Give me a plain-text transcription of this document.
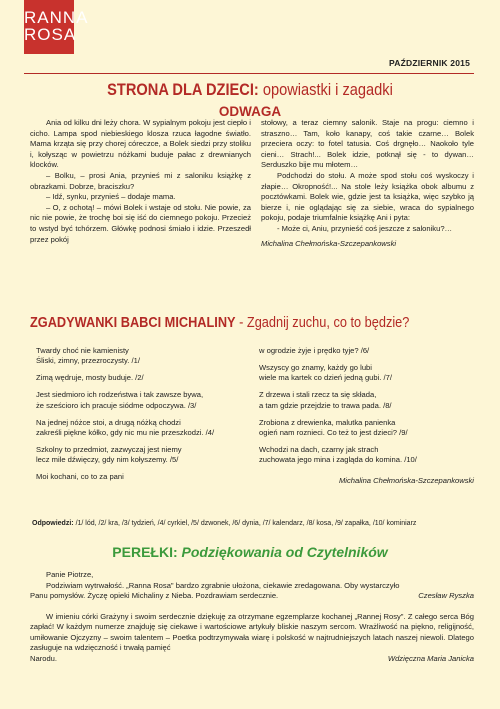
RANNA
ROSA
PAŹDZIERNIK 2015
STRONA DLA DZIECI: opowiastki i zagadki
ODWAGA

Ania od kilku dni leży chora. W sypialnym pokoju jest ciepło i cicho. Lampa spod niebieskiego klosza rzuca łagodne światło. Mama krząta się przy chorej córeczce, a Bolek siedzi przy stoliku i, kołysząc w powietrzu nóżkami buduje pałac z drewnianych klocków.

– Bolku, – prosi Ania, przynieś mi z saloniku książkę z obrazkami. Dobrze, braciszku?

– Idź, synku, przynieś – dodaje mama.

– O, z ochotą! – mówi Bolek i wstaje od stołu. Nie powie, za nic nie powie, że trochę boi się iść do ciemnego pokoju. Przecież to wstyd być tchórzem. Główkę podnosi śmiało i idzie. Przeszedł przez pokój

stołowy, a teraz ciemny salonik. Staje na progu: ciemno i straszno… Tam, koło kanapy, coś takie czarne… Bolek przeciera oczy: to fotel tatusia. Coś drgnęło… Naokoło tyle cieni… Strach!... Bolek idzie, potknął się - to dywan… Serduszko bije mu młotem…

Podchodzi do stołu. A może spod stołu coś wyskoczy i złapie… Okropność!... Na stole leży książka obok albumu z pocztówkami. Bolek wie, gdzie jest ta książka, więc szybko ją bierze i, nie oglądając się za siebie, wraca do sypialnego pokoju, podaje triumfalnie książkę Ani i pyta:

- Może ci, Aniu, przynieść coś jeszcze z saloniku?…

Michalina Chełmońska-Szczepankowski

ZGADYWANKI BABCI MICHALINY - Zgadnij zuchu, co to będzie?

Twardy choć nie kamienisty
Śliski, zimny, przezroczysty. /1/

Zimą wędruje, mosty buduje. /2/

Jest siedmioro ich rodzeństwa i tak zawsze bywa,
że sześcioro ich pracuje siódme odpoczywa. /3/

Na jednej nóżce stoi, a drugą nóżką chodzi
zakreśli piękne kółko, gdy nic mu nie przeszkodzi. /4/

Szkolny to przedmiot, zazwyczaj jest niemy
lecz mile dźwięczy, gdy nim kołyszemy. /5/

Moi kochani, co to za pani

w ogrodzie żyje i prędko tyje? /6/

Wszyscy go znamy, każdy go lubi
wiele ma kartek co dzień jedną gubi. /7/

Z drzewa i stali rzecz ta się składa,
a tam gdzie przejdzie to trawa pada. /8/

Zrobiona z drewienka, malutka panienka
ogień nam rozniеci. Co też to jest dzieci? /9/

Wchodzi na dach, czarny jak strach
zuchowata jego mina i zagląda do komina. /10/

Michalina Chełmońska-Szczepankowski

Odpowiedzi: /1/ lód, /2/ kra, /3/ tydzień, /4/ cyrkiel, /5/ dzwonek, /6/ dynia, /7/ kalendarz, /8/ kosa, /9/ zapałka, /10/ kominiarz
PEREŁKI: Podziękowania od Czytelników

Panie Piotrze,

Podziwiam wytrwałość. „Ranna Rosa" bardzo zgrabnie ułożona, ciekawie zredagowana. Oby wystarczyło

Panu pomysłów. Życzę opieki Michaliny z Nieba. Pozdrawiam serdecznie.	Czesław Ryszka

W imieniu córki Grażyny i swoim serdecznie dziękuję za otrzymane egzemplarze kochanej „Rannej Rosy". Z całego serca Bóg zapłać! W każdym numerze znajduję się ciekawe i wartościowe artykuły bliskie naszym sercom. Wrażliwość na piękno, religijność, umiłowanie Ojczyzny – swoim talentem – Poetka podtrzymywała wiarę i polskość w najtrudniejszych latach naszej niewoli. Dlatego zasługuje na wdzięczność i trwałą pamięć

Narodu.	Wdzięczna Maria Janicka
